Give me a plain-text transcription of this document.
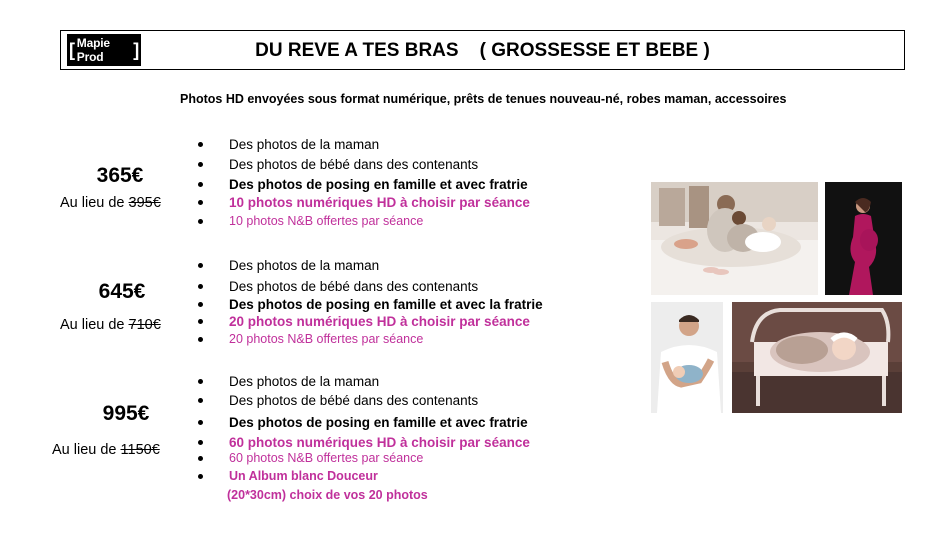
[ Mapie Prod	]	DU REVE A TES BRAS    ( GROSSESSE ET BEBE )
Photos HD envoyées sous format numérique, prêts de tenues nouveau-né, robes maman, accessoires
365€
Au lieu de 395€
Des photos de la maman
Des photos de bébé dans des contenants
Des photos de posing en famille et avec fratrie
10 photos numériques HD à choisir par séance
10 photos N&B offertes par séance
645€
Au lieu de 710€
Des photos de la maman
Des photos de bébé dans des contenants
Des photos de posing en famille et avec la fratrie
20 photos numériques HD à choisir par séance
20 photos N&B offertes par séance
995€
Au lieu de 1150€
Des photos de la maman
Des photos de bébé dans des contenants
Des photos de posing en famille et avec fratrie
60 photos numériques HD à choisir par séance
60 photos N&B offertes par séance
Un Album blanc Douceur
(20*30cm) choix de vos 20 photos
